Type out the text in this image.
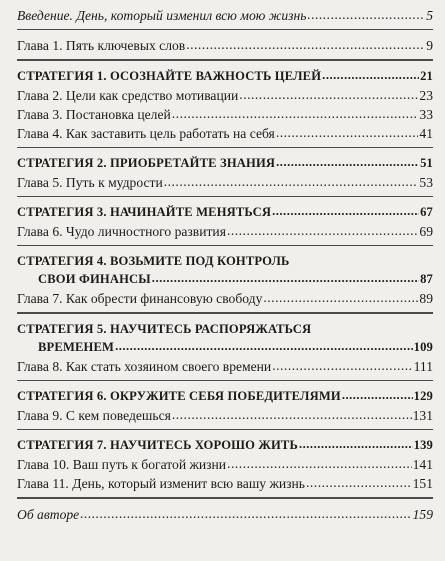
Введение. День, который изменил всю мою жизнь .....	5
Глава 1. Пять ключевых слов .....	9
СТРАТЕГИЯ 1. ОСОЗНАЙТЕ ВАЖНОСТЬ ЦЕЛЕЙ .....	21
Глава 2. Цели как средство мотивации .....	23
Глава 3. Постановка целей .....	33
Глава 4. Как заставить цель работать на себя .....	41
СТРАТЕГИЯ 2. ПРИОБРЕТАЙТЕ ЗНАНИЯ .....	51
Глава 5. Путь к мудрости .....	53
СТРАТЕГИЯ 3. НАЧИНАЙТЕ МЕНЯТЬСЯ .....	67
Глава 6. Чудо личностного развития .....	69
СТРАТЕГИЯ 4. ВОЗЬМИТЕ ПОД КОНТРОЛЬ
СВОИ ФИНАНСЫ .....	87
Глава 7. Как обрести финансовую свободу .....	89
СТРАТЕГИЯ 5. НАУЧИТЕСЬ РАСПОРЯЖАТЬСЯ
ВРЕМЕНЕМ .....	109
Глава 8. Как стать хозяином своего времени .....	111
СТРАТЕГИЯ 6. ОКРУЖИТЕ СЕБЯ ПОБЕДИТЕЛЯМИ .....	129
Глава 9. С кем поведешься .....	131
СТРАТЕГИЯ 7. НАУЧИТЕСЬ ХОРОШО ЖИТЬ .....	139
Глава 10. Ваш путь к богатой жизни .....	141
Глава 11. День, который изменит всю вашу жизнь .....	151
Об авторе .....	159
